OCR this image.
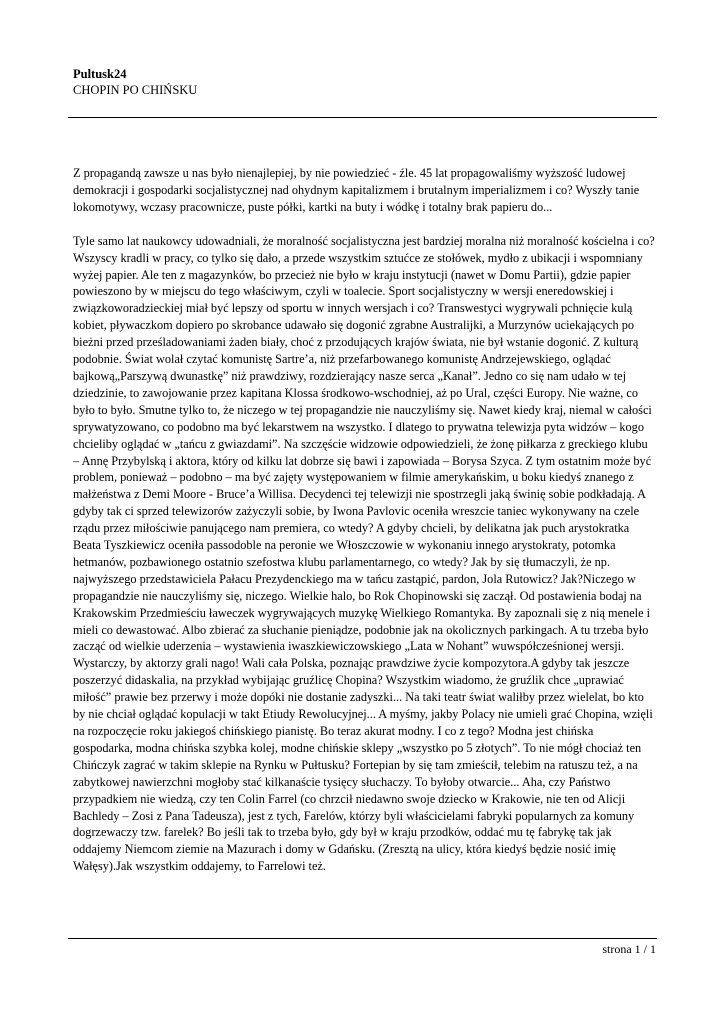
Pultusk24
CHOPIN PO CHIŃSKU

Z propagandą zawsze u nas było nienajlepiej, by nie powiedzieć - źle. 45 lat propagowaliśmy wyższość ludowej demokracji i gospodarki socjalistycznej nad ohydnym kapitalizmem i brutalnym imperializmem i co? Wyszły tanie lokomotywy, wczasy pracownicze, puste półki, kartki na buty i wódkę i totalny brak papieru do...

Tyle samo lat naukowcy udowadniali, że moralność socjalistyczna jest bardziej moralna niż moralność kościelna i co? Wszyscy kradli w pracy, co tylko się dało, a przede wszystkim sztućce ze stołówek, mydło z ubikacji i wspomniany wyżej papier. Ale ten z magazynków, bo przecież nie było w kraju instytucji (nawet w Domu Partii), gdzie papier powieszono by w miejscu do tego właściwym, czyli w toalecie. Sport socjalistyczny w wersji eneredowskiej i związkoworadzieckiej miał być lepszy od sportu w innych wersjach i co? Transwestyci wygrywali pchnięcie kulą kobiet, pływaczkom dopiero po skrobance udawało się dogonić zgrabne Australijki, a Murzynów uciekających po bieżni przed prześladowaniami żaden biały, choć z przodujących krajów świata, nie był wstanie dogonić. Z kulturą podobnie. Świat wolał czytać komunistę Sartre’a, niż przefarbowanego komunistę Andrzejewskiego, oglądać bajkową„Parszywą dwunastkę” niż prawdziwy, rozdzierający nasze serca „Kanał”. Jedno co się nam udało w tej dziedzinie, to zawojowanie przez kapitana Klossa środkowo-wschodniej, aż po Ural, części Europy. Nie ważne, co było to było. Smutne tylko to, że niczego w tej propagandzie nie nauczyliśmy się. Nawet kiedy kraj, niemal w całości sprywatyzowano, co podobno ma być lekarstwem na wszystko. I dlatego to prywatna telewizja pyta widzów – kogo chcieliby oglądać w „tańcu z gwiazdami”. Na szczęście widzowie odpowiedzieli, że żonę piłkarza z greckiego klubu – Annę Przybylską i aktora, który od kilku lat dobrze się bawi i zapowiada – Borysa Szyca. Z tym ostatnim może być problem, ponieważ – podobno – ma być zajęty występowaniem w filmie amerykańskim, u boku kiedyś znanego z małżeństwa z Demi Moore - Bruce’a Willisa. Decydenci tej telewizji nie spostrzegli jaką świnię sobie podkładają. A gdyby tak ci sprzed telewizorów zażyczyli sobie, by Iwona Pavlovic oceniła wreszcie taniec wykonywany na czele rządu przez miłościwie panującego nam premiera, co wtedy? A gdyby chcieli, by delikatna jak puch arystokratka Beata Tyszkiewicz oceniła passodoble na peronie we Włoszczowie w wykonaniu innego arystokraty, potomka hetmanów, pozbawionego ostatnio szefostwa klubu parlamentarnego, co wtedy? Jak by się tłumaczyli, że np. najwyższego przedstawiciela Pałacu Prezydenckiego ma w tańcu zastąpić, pardon, Jola Rutowicz? Jak?Niczego w propagandzie nie nauczyliśmy się, niczego. Wielkie halo, bo Rok Chopinowski się zaczął. Od postawienia bodaj na Krakowskim Przedmieściu ławeczek wygrywających muzykę Wielkiego Romantyka. By zapoznali się z nią menele i mieli co dewastować. Albo zbierać za słuchanie pieniądze, podobnie jak na okolicznych parkingach. A tu trzeba było zacząć od wielkie uderzenia – wystawienia iwaszkiewiczowskiego „Lata w Nohant” wuwspółcześnionej wersji. Wystarczy, by aktorzy grali nago! Wali cała Polska, poznając prawdziwe życie kompozytora.A gdyby tak jeszcze poszerzyć didaskalia, na przykład wybijając gruźlicę Chopina? Wszystkim wiadomo, że gruźlik chce „uprawiać miłość” prawie bez przerwy i może dopóki nie dostanie zadyszki... Na taki teatr świat waliłby przez wielelat, bo kto by nie chciał oglądać kopulacji w takt Etiudy Rewolucyjnej... A myśmy, jakby Polacy nie umieli grać Chopina, wzięli na rozpoczęcie roku jakiegoś chińskiego pianistę. Bo teraz akurat modny. I co z tego? Modna jest chińska gospodarka, modna chińska szybka kolej, modne chińskie sklepy „wszystko po 5 złotych”. To nie mógł chociaż ten Chińczyk zagrać w takim sklepie na Rynku w Pułtusku? Fortepian by się tam zmieścił, telebim na ratuszu też, a na zabytkowej nawierzchni mogłoby stać kilkanaście tysięcy słuchaczy. To byłoby otwarcie... Aha, czy Państwo przypadkiem nie wiedzą, czy ten Colin Farrel (co chrzcił niedawno swoje dziecko w Krakowie, nie ten od Alicji Bachledy – Zosi z Pana Tadeusza), jest z tych, Farelów, którzy byli właścicielami fabryki popularnych za komuny dogrzewaczy tzw. farelek? Bo jeśli tak to trzeba było, gdy był w kraju przodków, oddać mu tę fabrykę tak jak oddajemy Niemcom ziemie na Mazurach i domy w Gdańsku. (Zresztą na ulicy, która kiedyś będzie nosić imię Wałęsy).Jak wszystkim oddajemy, to Farrelowi też.

strona 1 / 1
